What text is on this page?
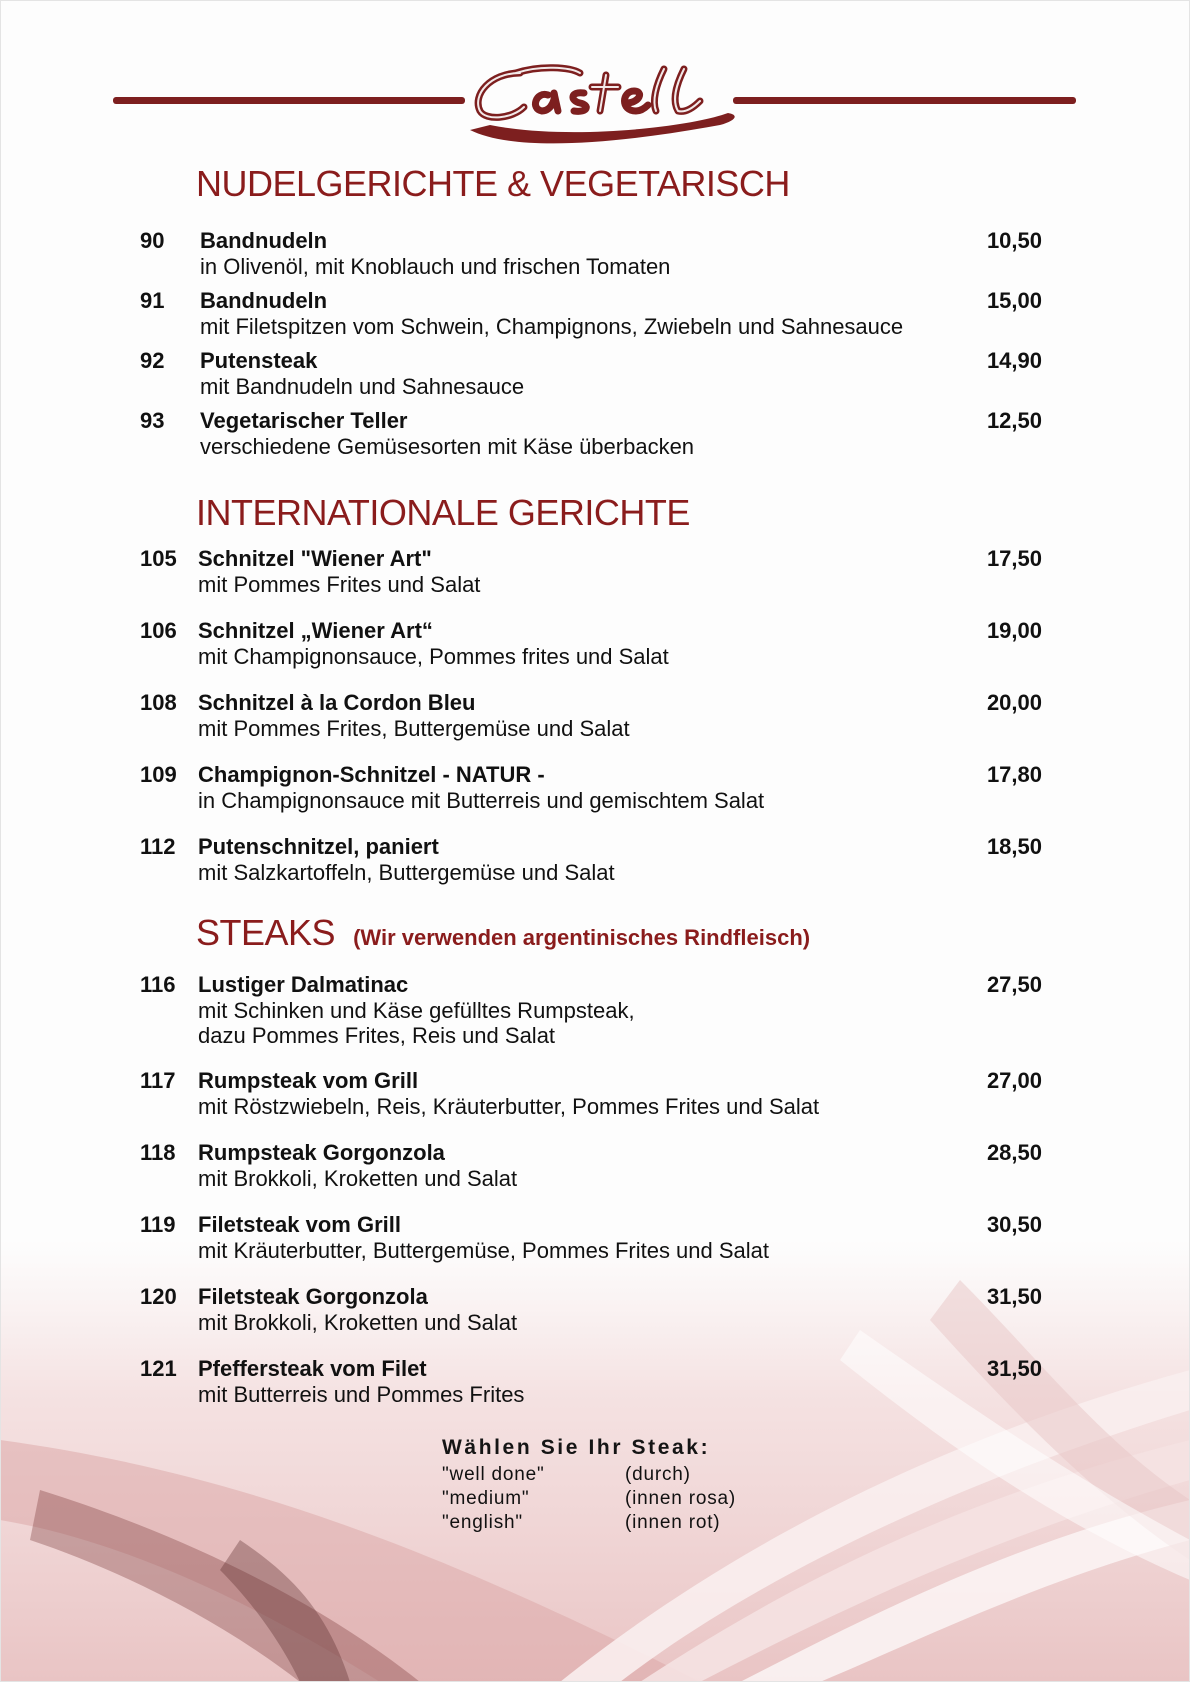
NUDELGERICHTE & VEGETARISCH
90	Bandnudeln	10,50
in Olivenöl, mit Knoblauch und frischen Tomaten
91	Bandnudeln	15,00
mit Filetspitzen vom Schwein, Champignons, Zwiebeln und Sahnesauce
92	Putensteak	14,90
mit Bandnudeln und Sahnesauce
93	Vegetarischer Teller	12,50
verschiedene Gemüsesorten mit Käse überbacken
INTERNATIONALE GERICHTE
105 Schnitzel "Wiener Art"	17,50
mit Pommes Frites und Salat
106 Schnitzel „Wiener Art“	19,00
mit Champignonsauce, Pommes frites und Salat
108 Schnitzel à la Cordon Bleu	20,00
mit Pommes Frites, Buttergemüse und Salat
109 Champignon-Schnitzel - NATUR -	17,80
in Champignonsauce mit Butterreis und gemischtem Salat
112	Putenschnitzel, paniert	18,50
mit Salzkartoffeln, Buttergemüse und Salat
STEAKS (Wir verwenden argentinisches Rindfleisch)
116	Lustiger Dalmatinac	27,50
mit Schinken und Käse gefülltes Rumpsteak,
dazu Pommes Frites, Reis und Salat
117	Rumpsteak vom Grill	27,00
mit Röstzwiebeln, Reis, Kräuterbutter, Pommes Frites und Salat
118	Rumpsteak Gorgonzola	28,50
mit Brokkoli, Kroketten und Salat
119	Filetsteak vom Grill	30,50
mit Kräuterbutter, Buttergemüse, Pommes Frites und Salat
120 Filetsteak Gorgonzola	31,50
mit Brokkoli, Kroketten und Salat
121 Pfeffersteak vom Filet	31,50
mit Butterreis und Pommes Frites
Wählen Sie Ihr Steak:
"well done"	(durch)
"medium"	(innen rosa)
"english"	(innen rot)
